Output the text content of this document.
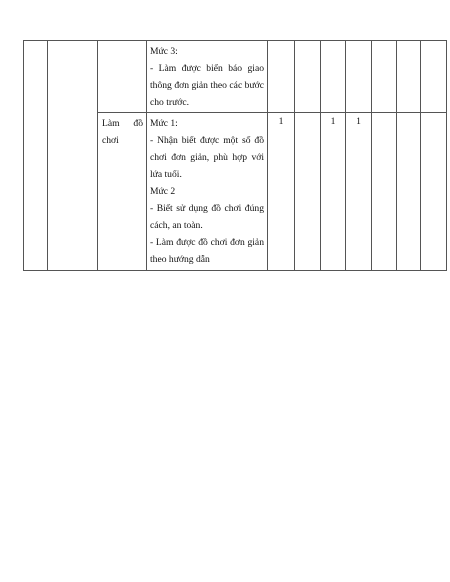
			Mức 3:

- Làm được biển báo giao thông đơn giản theo các bước cho trước.							

		Làm đồ chơi	Mức 1:

- Nhận biết được một số đồ chơi đơn giản, phù hợp với lứa tuổi.

Mức 2

- Biết sử dụng đồ chơi đúng cách, an toàn.

- Làm được đồ chơi đơn giản theo hướng dẫn	1		1	1			
